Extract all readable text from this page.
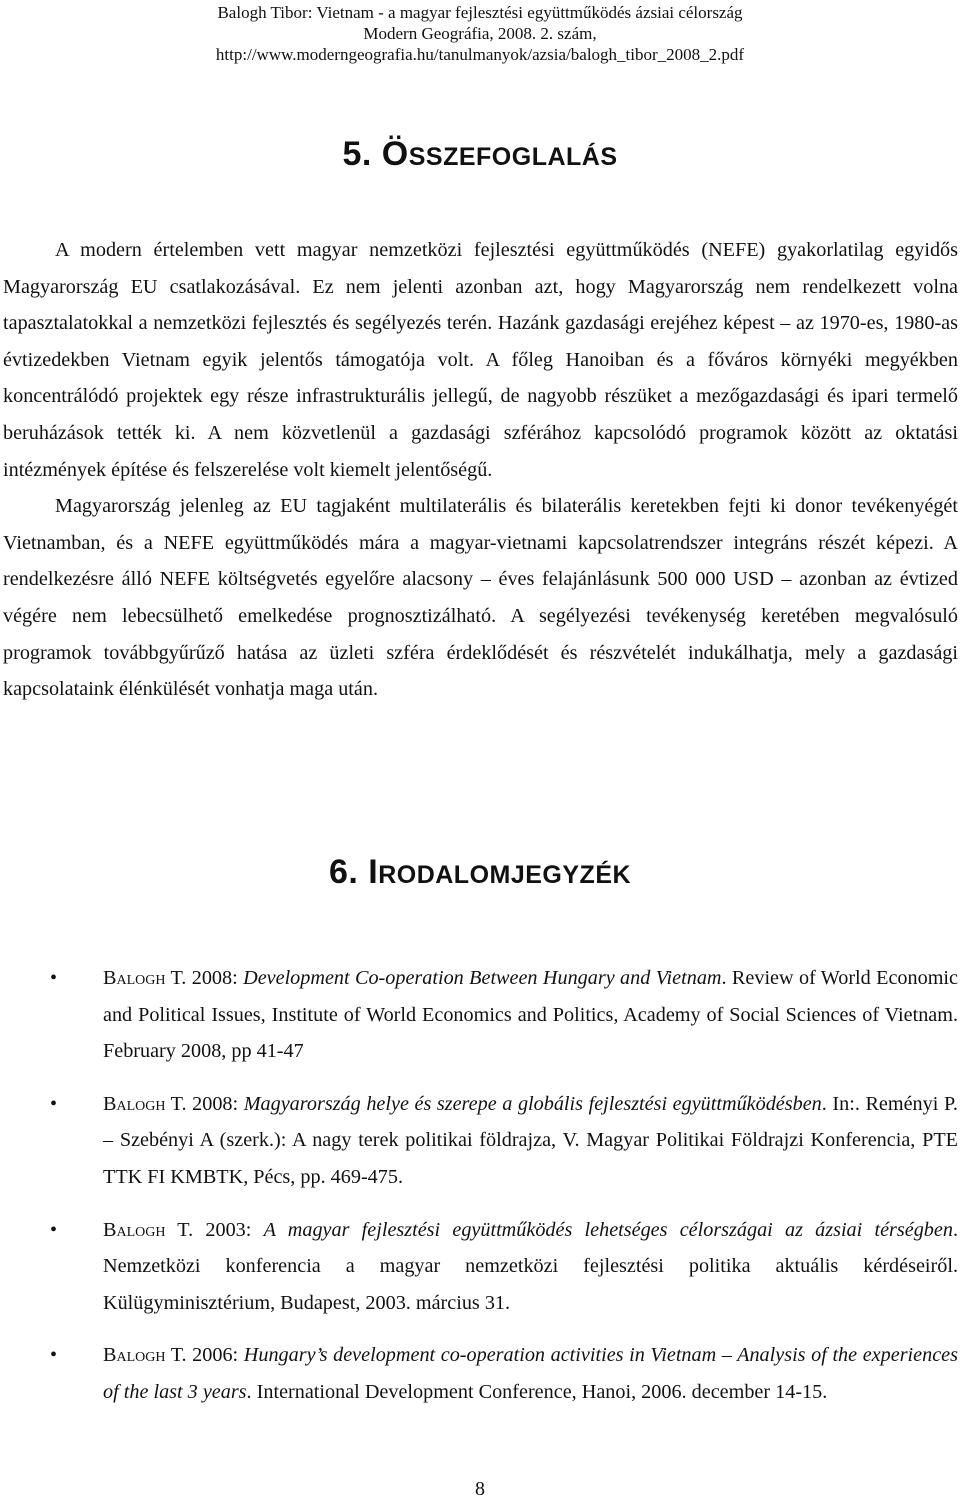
Balogh Tibor: Vietnam - a magyar fejlesztési együttműködés ázsiai célország
Modern Geográfia, 2008. 2. szám,
http://www.moderngeografia.hu/tanulmanyok/azsia/balogh_tibor_2008_2.pdf
5. ÖSSZEFOGLALÁS

A modern értelemben vett magyar nemzetközi fejlesztési együttműködés (NEFE) gyakorlatilag egyidős Magyarország EU csatlakozásával. Ez nem jelenti azonban azt, hogy Magyarország nem rendelkezett volna tapasztalatokkal a nemzetközi fejlesztés és segélyezés terén. Hazánk gazdasági erejéhez képest – az 1970-es, 1980-as évtizedekben Vietnam egyik jelentős támogatója volt. A főleg Hanoiban és a főváros környéki megyékben koncentrálódó projektek egy része infrastrukturális jellegű, de nagyobb részüket a mezőgazdasági és ipari termelő beruházások tették ki. A nem közvetlenül a gazdasági szférához kapcsolódó programok között az oktatási intézmények építése és felszerelése volt kiemelt jelentőségű.

Magyarország jelenleg az EU tagjaként multilaterális és bilaterális keretekben fejti ki donor tevékenyégét Vietnamban, és a NEFE együttműködés mára a magyar-vietnami kapcsolatrendszer integráns részét képezi. A rendelkezésre álló NEFE költségvetés egyelőre alacsony – éves felajánlásunk 500 000 USD – azonban az évtized végére nem lebecsülhető emelkedése prognosztizálható. A segélyezési tevékenység keretében megvalósuló programok továbbgyűrűző hatása az üzleti szféra érdeklődését és részvételét indukálhatja, mely a gazdasági kapcsolataink élénkülését vonhatja maga után.

6. IRODALOMJEGYZÉK
• Balogh T. 2008: Development Co-operation Between Hungary and Vietnam. Review of World Economic and Political Issues, Institute of World Economics and Politics, Academy of Social Sciences of Vietnam. February 2008, pp 41-47
• Balogh T. 2008: Magyarország helye és szerepe a globális fejlesztési együttműködésben. In:. Reményi P. – Szebényi A (szerk.): A nagy terek politikai földrajza, V. Magyar Politikai Földrajzi Konferencia, PTE TTK FI KMBTK, Pécs, pp. 469-475.
• Balogh T. 2003: A magyar fejlesztési együttműködés lehetséges célországai az ázsiai térségben. Nemzetközi konferencia a magyar nemzetközi fejlesztési politika aktuális kérdéseiről. Külügyminisztérium, Budapest, 2003. március 31.
• Balogh T. 2006: Hungary’s development co-operation activities in Vietnam – Analysis of the experiences of the last 3 years. International Development Conference, Hanoi, 2006. december 14-15.
8
